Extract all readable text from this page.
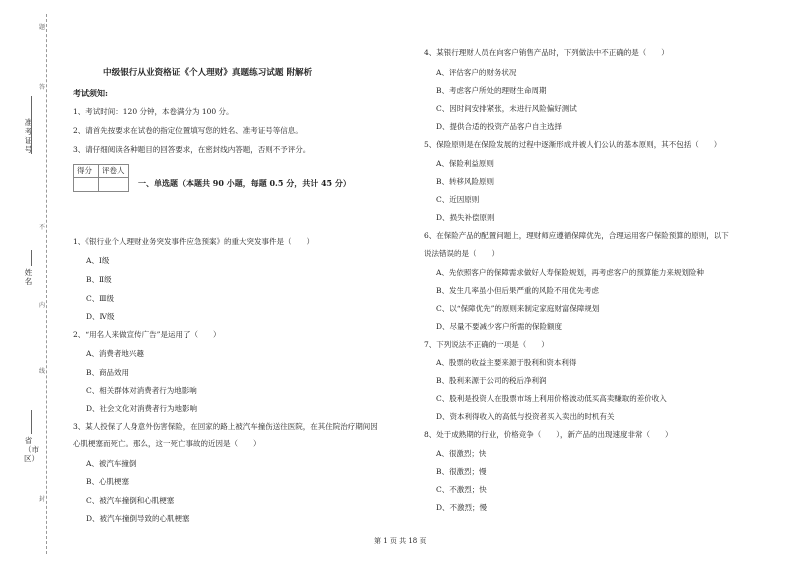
题
答
不
内
线
封
准考证号
姓名
省（市区）
中级银行从业资格证《个人理财》真题练习试题 附解析
考试须知:
1、考试时间：120 分钟，本卷满分为 100 分。
2、请首先按要求在试卷的指定位置填写您的姓名、准考证号等信息。
3、请仔细阅读各种题目的回答要求，在密封线内答题，否则不予评分。
得分 评卷人
一、单选题（本题共 90 小题，每题 0.5 分，共计 45 分）
1、《银行业个人理财业务突发事件应急预案》的重大突发事件是（　　）
A、Ⅰ级
B、Ⅱ级
C、Ⅲ级
D、Ⅳ级
2、“用名人来做宣传广告”是运用了（　　）
A、消费者地兴趣
B、商品效用
C、相关群体对消费者行为地影响
D、社会文化对消费者行为地影响
3、某人投保了人身意外伤害保险，在回家的路上被汽车撞伤送往医院，在其住院治疗期间因
心肌梗塞而死亡。那么，这一死亡事故的近因是（　　）
A、被汽车撞倒
B、心肌梗塞
C、被汽车撞倒和心肌梗塞
D、被汽车撞倒导致的心肌梗塞
4、某银行理财人员在向客户销售产品时，下列做法中不正确的是（　　）
A、评估客户的财务状况
B、考虑客户所处的理财生命周期
C、因时间安排紧张，未进行风险偏好测试
D、提供合适的投资产品客户自主选择
5、保险原则是在保险发展的过程中逐渐形成并被人们公认的基本原则，其不包括（　　）
A、保险利益原则
B、转移风险原则
C、近因原则
D、损失补偿原则
6、在保险产品的配置问题上，理财师应遵循保障优先，合理运用客户保险预算的原则，以下
说法错误的是（　　）
A、先依照客户的保障需求做好人寿保险规划，再考虑客户的预算能力来规划险种
B、发生几率虽小但后果严重的风险不用优先考虑
C、以“保障优先”的原则来制定家庭财富保障规划
D、尽量不要减少客户所需的保险额度
7、下列说法不正确的一项是（　　）
A、股票的收益主要来源于股利和资本利得
B、股利来源于公司的税后净利润
C、股利是投资人在股票市场上利用价格波动低买高卖赚取的差价收入
D、资本利得收入的高低与投资者买入卖出的时机有关
8、处于成熟期的行业，价格竞争（　　），新产品的出现速度非常（　　）
A、很激烈；快
B、很激烈；慢
C、不激烈；快
D、不激烈；慢
第 1 页 共 18 页
